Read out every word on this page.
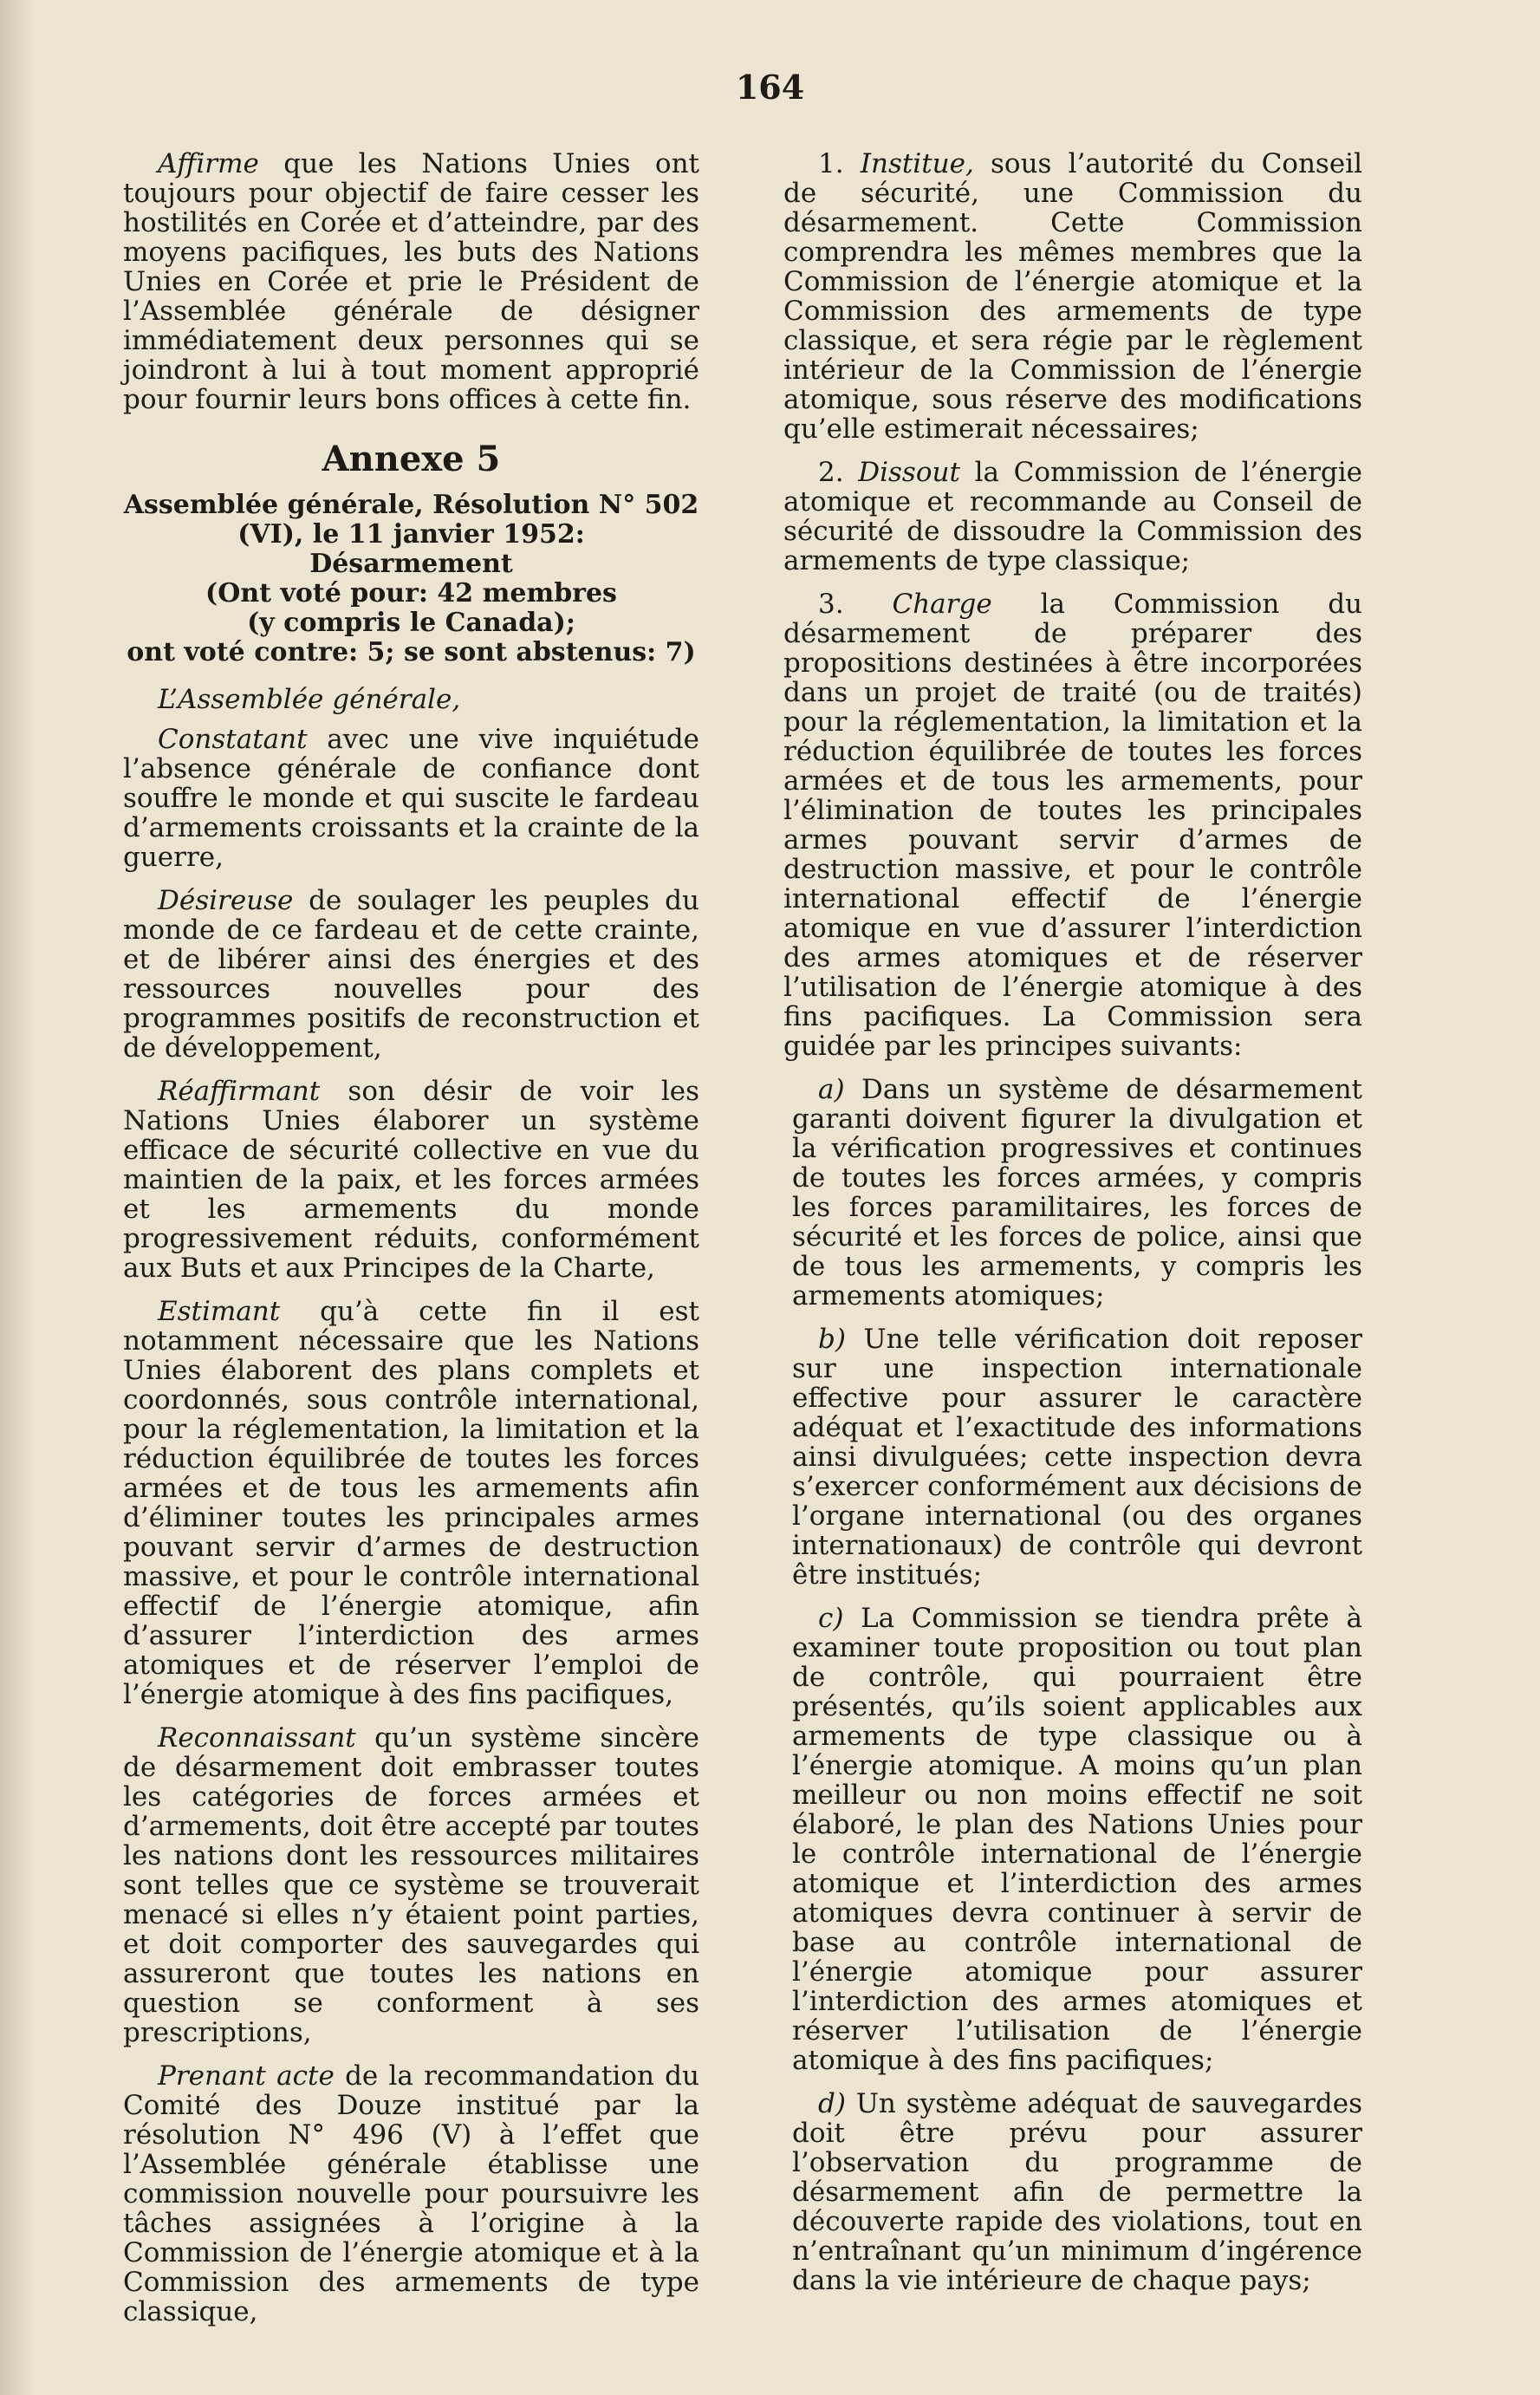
164

Affirme que les Nations Unies ont toujours pour objectif de faire cesser les hostilités en Corée et d’atteindre, par des moyens pacifiques, les buts des Nations Unies en Corée et prie le Président de l’Assemblée générale de désigner immédiatement deux personnes qui se joindront à lui à tout moment approprié pour fournir leurs bons offices à cette fin.

Annexe 5
Assemblée générale, Résolution N° 502
(VI), le 11 janvier 1952:
Désarmement
(Ont voté pour: 42 membres
(y compris le Canada);
ont voté contre: 5; se sont abstenus: 7)
L’Assemblée générale,

Constatant avec une vive inquiétude l’absence générale de confiance dont souffre le monde et qui suscite le fardeau d’armements croissants et la crainte de la guerre,

Désireuse de soulager les peuples du monde de ce fardeau et de cette crainte, et de libérer ainsi des énergies et des ressources nouvelles pour des programmes positifs de reconstruction et de développement,

Réaffirmant son désir de voir les Nations Unies élaborer un système efficace de sécurité collective en vue du maintien de la paix, et les forces armées et les armements du monde progressivement réduits, conformément aux Buts et aux Principes de la Charte,

Estimant qu’à cette fin il est notamment nécessaire que les Nations Unies élaborent des plans complets et coordonnés, sous contrôle international, pour la réglementation, la limitation et la réduction équilibrée de toutes les forces armées et de tous les armements afin d’éliminer toutes les principales armes pouvant servir d’armes de destruction massive, et pour le contrôle international effectif de l’énergie atomique, afin d’assurer l’interdiction des armes atomiques et de réserver l’emploi de l’énergie atomique à des fins pacifiques,

Reconnaissant qu’un système sincère de désarmement doit embrasser toutes les catégories de forces armées et d’armements, doit être accepté par toutes les nations dont les ressources militaires sont telles que ce système se trouverait menacé si elles n’y étaient point parties, et doit comporter des sauvegardes qui assureront que toutes les nations en question se conforment à ses prescriptions,

Prenant acte de la recommandation du Comité des Douze institué par la résolution N° 496 (V) à l’effet que l’Assemblée générale établisse une commission nouvelle pour poursuivre les tâches assignées à l’origine à la Commission de l’énergie atomique et à la Commission des armements de type classique,

1. Institue, sous l’autorité du Conseil de sécurité, une Commission du désarmement. Cette Commission comprendra les mêmes membres que la Commission de l’énergie atomique et la Commission des armements de type classique, et sera régie par le règlement intérieur de la Commission de l’énergie atomique, sous réserve des modifications qu’elle estimerait nécessaires;

2. Dissout la Commission de l’énergie atomique et recommande au Conseil de sécurité de dissoudre la Commission des armements de type classique;

3. Charge la Commission du désarmement de préparer des propositions destinées à être incorporées dans un projet de traité (ou de traités) pour la réglementation, la limitation et la réduction équilibrée de toutes les forces armées et de tous les armements, pour l’élimination de toutes les principales armes pouvant servir d’armes de destruction massive, et pour le contrôle international effectif de l’énergie atomique en vue d’assurer l’interdiction des armes atomiques et de réserver l’utilisation de l’énergie atomique à des fins pacifiques. La Commission sera guidée par les principes suivants:

a) Dans un système de désarmement garanti doivent figurer la divulgation et la vérification progressives et continues de toutes les forces armées, y compris les forces paramilitaires, les forces de sécurité et les forces de police, ainsi que de tous les armements, y compris les armements atomiques;

b) Une telle vérification doit reposer sur une inspection internationale effective pour assurer le caractère adéquat et l’exactitude des informations ainsi divulguées; cette inspection devra s’exercer conformément aux décisions de l’organe international (ou des organes internationaux) de contrôle qui devront être institués;

c) La Commission se tiendra prête à examiner toute proposition ou tout plan de contrôle, qui pourraient être présentés, qu’ils soient applicables aux armements de type classique ou à l’énergie atomique. A moins qu’un plan meilleur ou non moins effectif ne soit élaboré, le plan des Nations Unies pour le contrôle international de l’énergie atomique et l’interdiction des armes atomiques devra continuer à servir de base au contrôle international de l’énergie atomique pour assurer l’interdiction des armes atomiques et réserver l’utilisation de l’énergie atomique à des fins pacifiques;

d) Un système adéquat de sauvegardes doit être prévu pour assurer l’observation du programme de désarmement afin de permettre la découverte rapide des violations, tout en n’entraînant qu’un minimum d’ingérence dans la vie intérieure de chaque pays;
